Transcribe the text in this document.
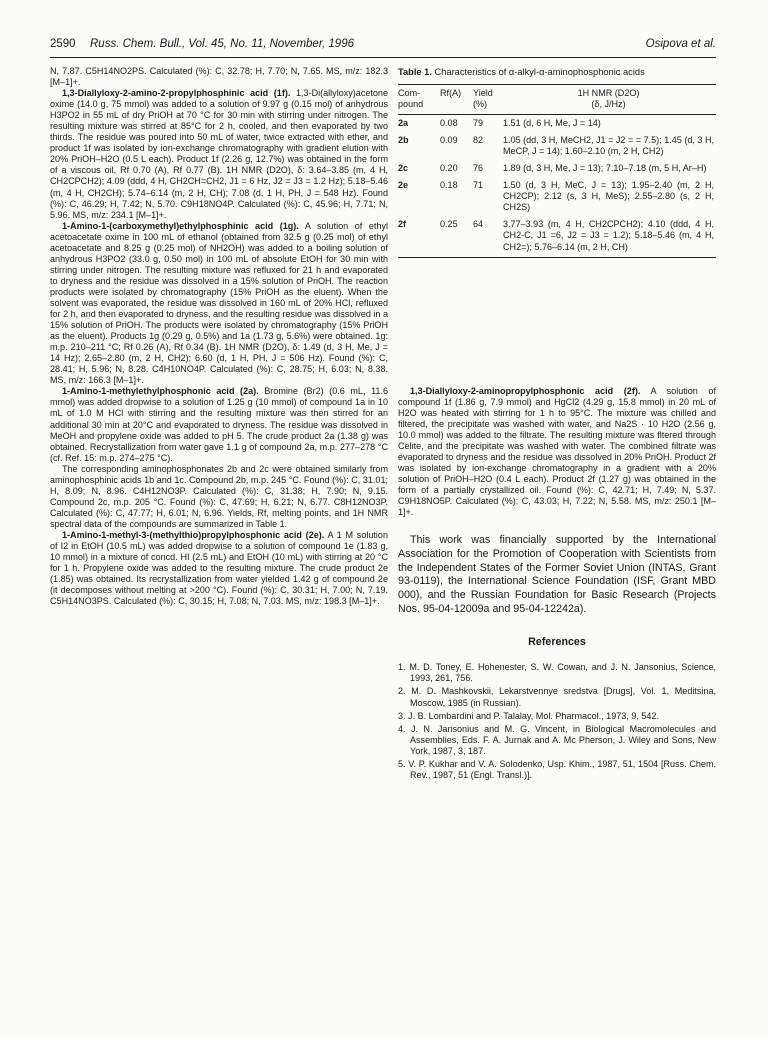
2590 Russ. Chem. Bull., Vol. 45, No. 11, November, 1996	Osipova et al.

N, 7.87. C5H14NO2PS. Calculated (%): C, 32.78; H, 7.70; N, 7.65. MS, m/z: 182.3 [M–1]+.

1,3-Diallyloxy-2-amino-2-propylphosphinic acid (1f). 1,3-Di(allyloxy)acetone oxime (14.0 g, 75 mmol) was added to a solution of 9.97 g (0.15 mol) of anhydrous H3PO2 in 55 mL of dry PriOH at 70 °C for 30 min with stirring under nitrogen. The resulting mixture was stirred at 85°C for 2 h, cooled, and then evaporated by two thirds. The residue was poured into 50 mL of water, twice extracted with ether, and product 1f was isolated by ion-exchange chromatography with gradient elution with 20% PriOH–H2O (0.5 L each). Product 1f (2.26 g, 12.7%) was obtained in the form of a viscous oil, Rf 0.70 (A), Rf 0.77 (B). 1H NMR (D2O), δ: 3.64–3.85 (m, 4 H, CH2CPCH2); 4.09 (ddd, 4 H, CH2CH=CH2, J1 = 6 Hz, J2 = J3 = 1.2 Hz); 5.18–5.46 (m, 4 H, CH2CH); 5.74–6.14 (m, 2 H, CH); 7.08 (d, 1 H, PH, J = 548 Hz). Found (%): C, 46.29; H, 7.42; N, 5.70. C9H18NO4P. Calculated (%): C, 45.96; H, 7.71; N, 5.96. MS, m/z: 234.1 [M–1]+.

1-Amino-1-(carboxymethyl)ethylphosphinic acid (1g). A solution of ethyl acetoacetate oxime in 100 mL of ethanol (obtained from 32.5 g (0.25 mol) of ethyl acetoacetate and 8.25 g (0.25 mol) of NH2OH) was added to a boiling solution of anhydrous H3PO2 (33.0 g, 0.50 mol) in 100 mL of absolute EtOH for 30 min with stirring under nitrogen. The resulting mixture was refluxed for 21 h and evaporated to dryness and the residue was dissolved in a 15% solution of PriOH. The reaction products were isolated by chromatography (15% PriOH as the eluent). When the solvent was evaporated, the residue was dissolved in 160 mL of 20% HCl, refluxed for 2 h, and then evaporated to dryness, and the resulting residue was dissolved in a 15% solution of PriOH. The products were isolated by chromatography (15% PriOH as the eluent). Products 1g (0.29 g, 0.5%) and 1a (1.73 g, 5.6%) were obtained. 1g: m.p. 210–211 °C; Rf 0.26 (A), Rf 0.34 (B). 1H NMR (D2O), δ: 1.49 (d, 3 H, Me, J = 14 Hz); 2.65–2.80 (m, 2 H, CH2); 6.60 (d, 1 H, PH, J = 506 Hz). Found (%): C, 28.41; H, 5.96; N, 8.28. C4H10NO4P. Calculated (%): C, 28.75; H, 6.03; N, 8.38. MS, m/z: 166.3 [M–1]+.

1-Amino-1-methylethylphosphonic acid (2a). Bromine (Br2) (0.6 mL, 11.6 mmol) was added dropwise to a solution of 1.25 g (10 mmol) of compound 1a in 10 mL of 1.0 M HCl with stirring and the resulting mixture was then stirred for an additional 30 min at 20°C and evaporated to dryness. The residue was dissolved in MeOH and propylene oxide was added to pH 5. The crude product 2a (1.38 g) was obtained. Recrystallization from water gave 1.1 g of compound 2a, m.p. 277–278 °C (cf. Ref. 15: m.p. 274–275 °C).

The corresponding aminophosphonates 2b and 2c were obtained similarly from aminophosphinic acids 1b and 1c. Compound 2b, m.p. 245 °C. Found (%): C, 31.01; H, 8.09; N, 8.96. C4H12NO3P. Calculated (%): C, 31.38; H, 7.90; N, 9.15. Compound 2c, m.p. 205 °C. Found (%): C, 47.69; H, 6.21; N, 6.77. C8H12NO3P. Calculated (%): C, 47.77; H, 6.01; N, 6.96. Yields, Rf, melting points, and 1H NMR spectral data of the compounds are summarized in Table 1.

1-Amino-1-methyl-3-(methylthio)propylphosphonic acid (2e). A 1 M solution of I2 in EtOH (10.5 mL) was added dropwise to a solution of compound 1e (1.83 g, 10 mmol) in a mixture of concd. HI (2.5 mL) and EtOH (10 mL) with stirring at 20 °C for 1 h. Propylene oxide was added to the resulting mixture. The crude product 2e (1.85) was obtained. Its recrystallization from water yielded 1.42 g of compound 2e (it decomposes without melting at >200 °C). Found (%): C, 30.31; H, 7.00; N, 7.19. C5H14NO3PS. Calculated (%): C, 30.15; H, 7.08; N, 7.03. MS, m/z: 198.3 [M–1]+.

Table 1. Characteristics of α-alkyl-α-aminophosphonic acids
Com-
pound	Rf(A)	Yield
(%)	1H NMR (D2O)
(δ, J/Hz)
2a	0.08	79	1.51 (d, 6 H, Me, J = 14)
2b	0.09	82	1.05 (dd, 3 H, MeCH2, J1 = J2 = = 7.5); 1.45 (d, 3 H, MeCP, J = 14); 1.60–2.10 (m, 2 H, CH2)
2c	0.20	76	1.89 (d, 3 H, Me, J = 13); 7.10–7.18 (m, 5 H, Ar–H)
2e	0.18	71	1.50 (d, 3 H, MeC, J = 13); 1.95–2.40 (m, 2 H, CH2CP); 2.12 (s, 3 H, MeS); 2.55–2.80 (s, 2 H, CH2S)
2f	0.25	64	3.77–3.93 (m, 4 H, CH2CPCH2); 4.10 (ddd, 4 H, CH2-C, J1 =6, J2 = J3 = 1.2); 5.18–5.46 (m, 4 H, CH2=); 5.76–6.14 (m, 2 H, CH)

1,3-Diallyloxy-2-aminopropylphosphonic acid (2f). A solution of compound 1f (1.86 g, 7.9 mmol) and HgCl2 (4.29 g, 15.8 mmol) in 20 mL of H2O was heated with stirring for 1 h to 95°C. The mixture was chilled and filtered, the precipitate was washed with water, and Na2S · 10 H2O (2.56 g, 10.0 mmol) was added to the filtrate. The resulting mixture was fltered through Celite, and the precipitate was washed with water. The combined filtrate was evaporated to dryness and the residue was dissolved in 20% PriOH. Product 2f was isolated by ion-exchange chromatography in a gradient with a 20% solution of PriOH–H2O (0.4 L each). Product 2f (1.27 g) was obtained in the form of a partially crystallized oil. Found (%): C, 42.71; H, 7.49; N, 5.37. C9H18NO5P. Calculated (%): C, 43.03; H, 7.22; N, 5.58. MS, m/z: 250.1 [M–1]+.

This work was financially supported by the International Association for the Promotion of Cooperation with Scientists from the Independent States of the Former Soviet Union (INTAS, Grant 93-0119), the International Science Foundation (ISF, Grant MBD 000), and the Russian Foundation for Basic Research (Projects Nos. 95-04-12009a and 95-04-12242a).

References
1. M. D. Toney, E. Hohenester, S. W. Cowan, and J. N. Jansonius, Science, 1993, 261, 756.
2. M. D. Mashkovskii, Lekarstvennye sredstva [Drugs], Vol. 1, Meditsina, Moscow, 1985 (in Russian).
3. J. B. Lombardini and P. Talalay, Mol. Pharmacol., 1973, 9, 542.
4. J. N. Jansonius and M. G. Vincent, in Biological Macromolecules and Assemblies, Eds. F. A. Jurnak and A. Mc Pherson, J. Wiley and Sons, New York, 1987, 3, 187.
5. V. P. Kukhar and V. A. Solodenko, Usp. Khim., 1987, 51, 1504 [Russ. Chem. Rev., 1987, 51 (Engl. Transl.)].
